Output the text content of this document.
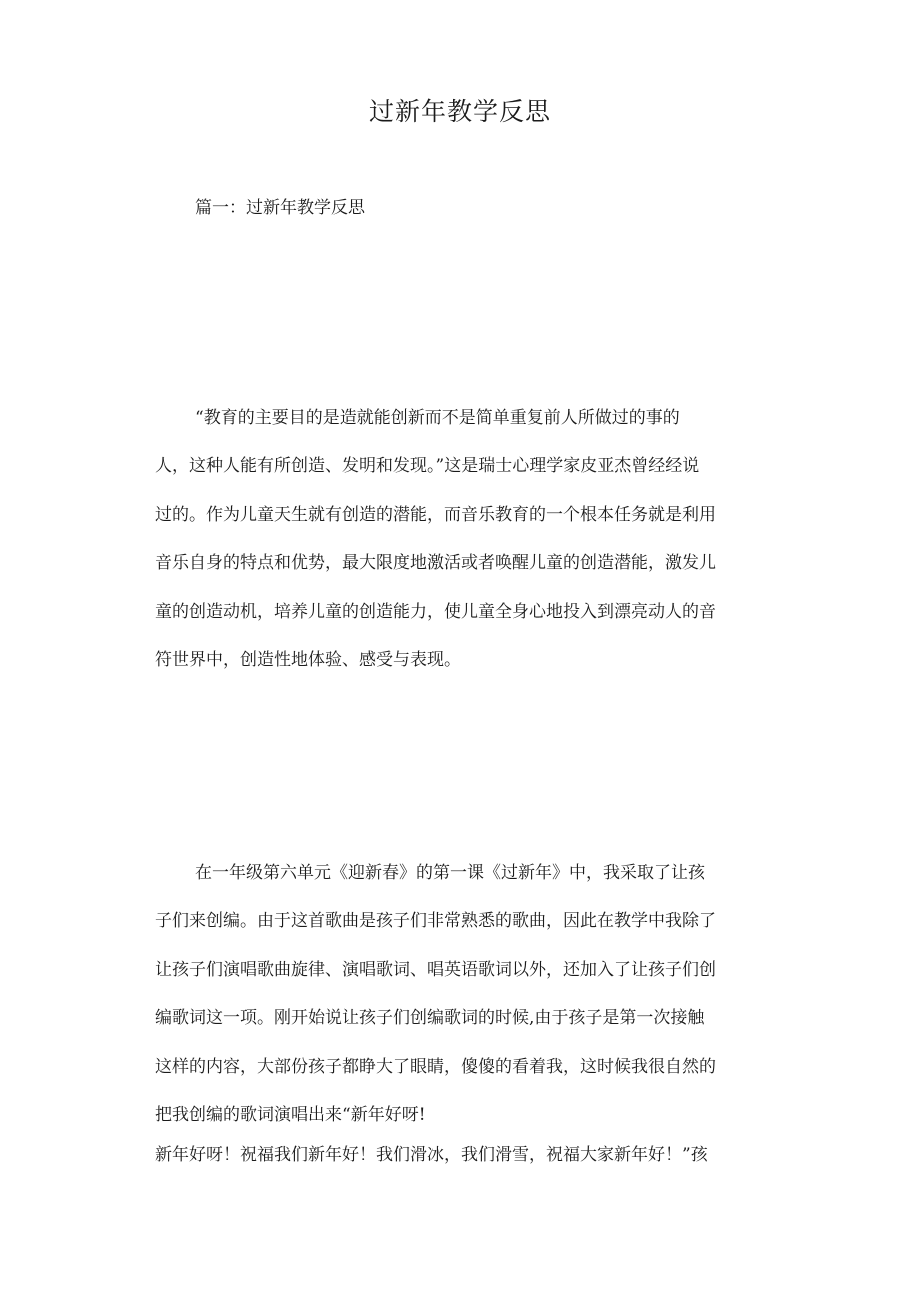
过新年教学反思

篇一：过新年教学反思

“教育的主要目的是造就能创新而不是简单重复前人所做过的事的
人，这种人能有所创造、发明和发现。”这是瑞士心理学家皮亚杰曾经经说
过的。作为儿童天生就有创造的潜能，而音乐教育的一个根本任务就是利用
音乐自身的特点和优势，最大限度地激活或者唤醒儿童的创造潜能，激发儿
童的创造动机，培养儿童的创造能力，使儿童全身心地投入到漂亮动人的音
符世界中，创造性地体验、感受与表现。
在一年级第六单元《迎新春》的第一课《过新年》中，我采取了让孩
子们来创编。由于这首歌曲是孩子们非常熟悉的歌曲，因此在教学中我除了
让孩子们演唱歌曲旋律、演唱歌词、唱英语歌词以外，还加入了让孩子们创
编歌词这一项。刚开始说让孩子们创编歌词的时候,由于孩子是第一次接触
这样的内容，大部份孩子都睁大了眼睛，傻傻的看着我，这时候我很自然的
把我创编的歌词演唱出来“新年好呀!
新年好呀！祝福我们新年好！我们滑冰，我们滑雪，祝福大家新年好！”孩
